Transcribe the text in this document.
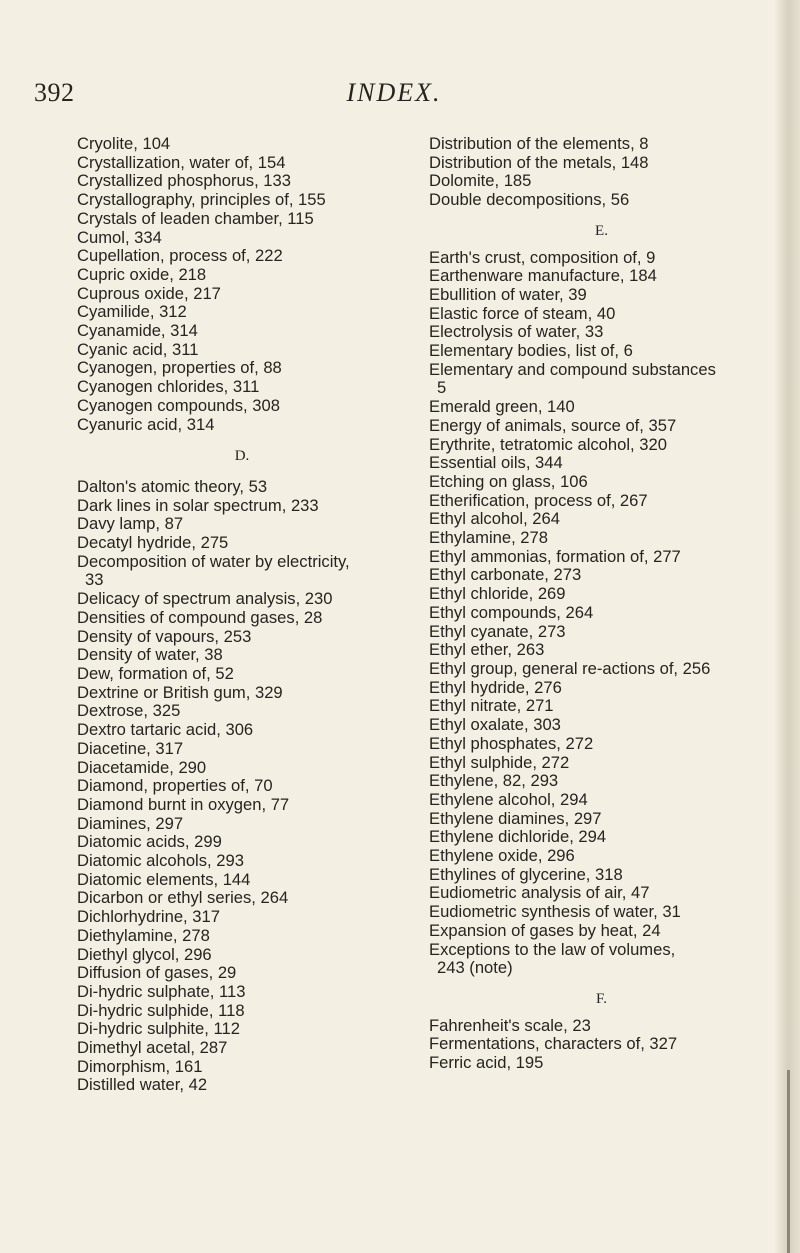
392	INDEX.
Cryolite, 104
Crystallization, water of, 154
Crystallized phosphorus, 133
Crystallography, principles of, 155
Crystals of leaden chamber, 115
Cumol, 334
Cupellation, process of, 222
Cupric oxide, 218
Cuprous oxide, 217
Cyamilide, 312
Cyanamide, 314
Cyanic acid, 311
Cyanogen, properties of, 88
Cyanogen chlorides, 311
Cyanogen compounds, 308
Cyanuric acid, 314
D.
Dalton's atomic theory, 53
Dark lines in solar spectrum, 233
Davy lamp, 87
Decatyl hydride, 275
Decomposition of water by electricity,
33
Delicacy of spectrum analysis, 230
Densities of compound gases, 28
Density of vapours, 253
Density of water, 38
Dew, formation of, 52
Dextrine or British gum, 329
Dextrose, 325
Dextro tartaric acid, 306
Diacetine, 317
Diacetamide, 290
Diamond, properties of, 70
Diamond burnt in oxygen, 77
Diamines, 297
Diatomic acids, 299
Diatomic alcohols, 293
Diatomic elements, 144
Dicarbon or ethyl series, 264
Dichlorhydrine, 317
Diethylamine, 278
Diethyl glycol, 296
Diffusion of gases, 29
Di-hydric sulphate, 113
Di-hydric sulphide, 118
Di-hydric sulphite, 112
Dimethyl acetal, 287
Dimorphism, 161
Distilled water, 42
Distribution of the elements, 8
Distribution of the metals, 148
Dolomite, 185
Double decompositions, 56
E.
Earth's crust, composition of, 9
Earthenware manufacture, 184
Ebullition of water, 39
Elastic force of steam, 40
Electrolysis of water, 33
Elementary bodies, list of, 6
Elementary and compound substances
5
Emerald green, 140
Energy of animals, source of, 357
Erythrite, tetratomic alcohol, 320
Essential oils, 344
Etching on glass, 106
Etherification, process of, 267
Ethyl alcohol, 264
Ethylamine, 278
Ethyl ammonias, formation of, 277
Ethyl carbonate, 273
Ethyl chloride, 269
Ethyl compounds, 264
Ethyl cyanate, 273
Ethyl ether, 263
Ethyl group, general re-actions of, 256
Ethyl hydride, 276
Ethyl nitrate, 271
Ethyl oxalate, 303
Ethyl phosphates, 272
Ethyl sulphide, 272
Ethylene, 82, 293
Ethylene alcohol, 294
Ethylene diamines, 297
Ethylene dichloride, 294
Ethylene oxide, 296
Ethylines of glycerine, 318
Eudiometric analysis of air, 47
Eudiometric synthesis of water, 31
Expansion of gases by heat, 24
Exceptions to the law of volumes,
243 (note)
F.
Fahrenheit's scale, 23
Fermentations, characters of, 327
Ferric acid, 195
